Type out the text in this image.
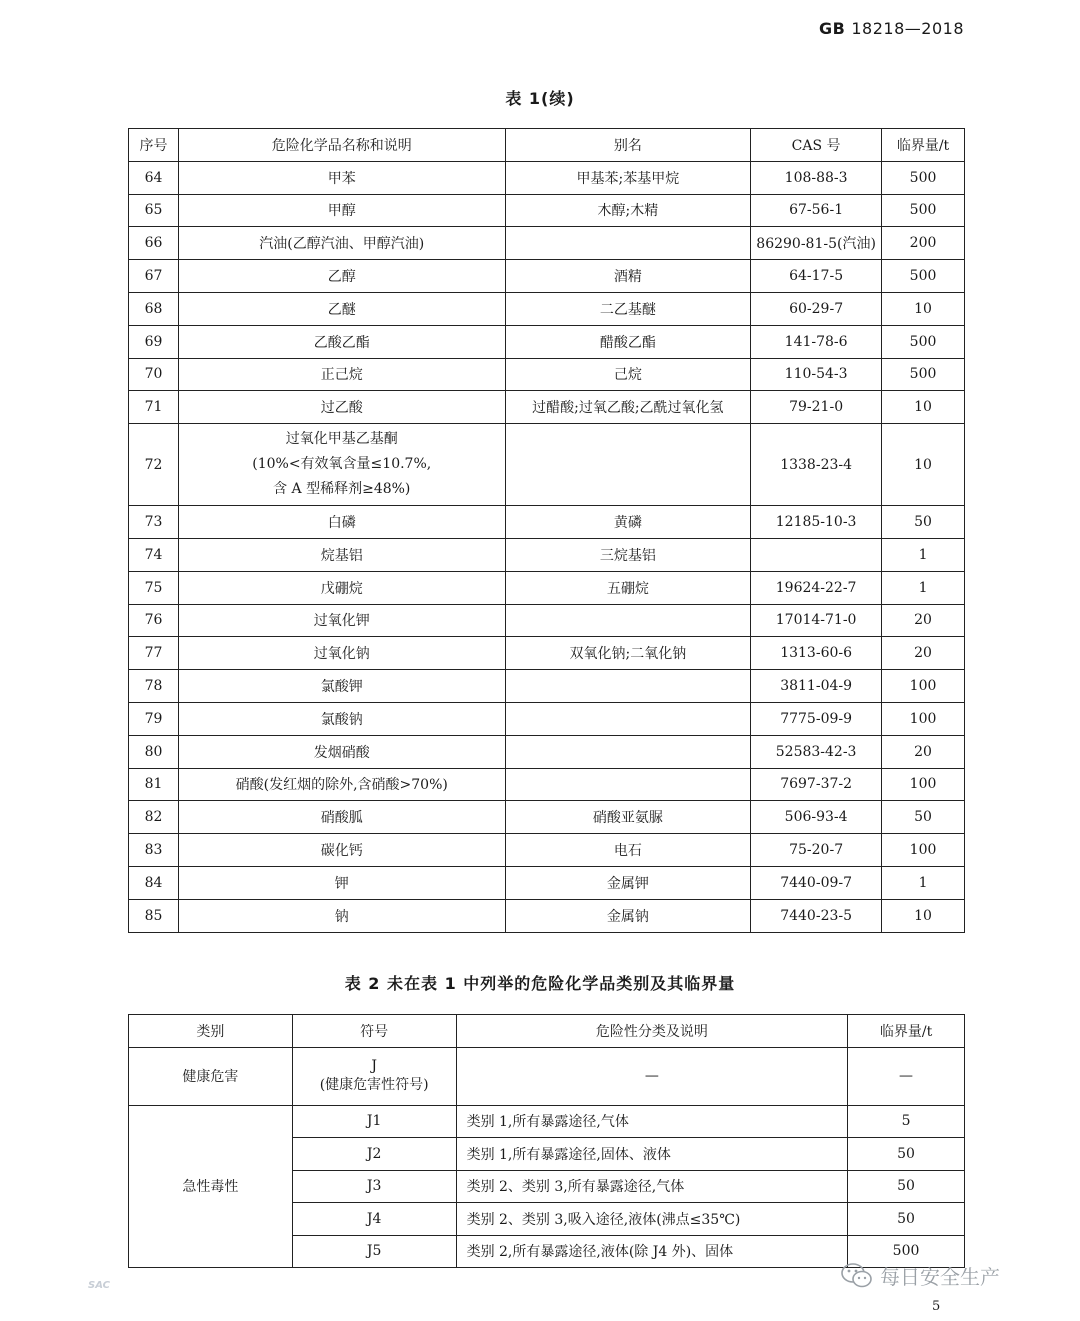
GB 18218—2018
表 1(续)
序号	危险化学品名称和说明	别名	CAS 号	临界量/t
64	甲苯	甲基苯;苯基甲烷	108-88-3	500
65	甲醇	木醇;木精	67-56-1	500
66	汽油(乙醇汽油、甲醇汽油)		86290-81-5(汽油)	200
67	乙醇	酒精	64-17-5	500
68	乙醚	二乙基醚	60-29-7	10
69	乙酸乙酯	醋酸乙酯	141-78-6	500
70	正己烷	己烷	110-54-3	500
71	过乙酸	过醋酸;过氧乙酸;乙酰过氧化氢	79-21-0	10
72	过氧化甲基乙基酮
(10%<有效氧含量≤10.7%,
含 A 型稀释剂≥48%)		1338-23-4	10
73	白磷	黄磷	12185-10-3	50
74	烷基铝	三烷基铝		1
75	戊硼烷	五硼烷	19624-22-7	1
76	过氧化钾		17014-71-0	20
77	过氧化钠	双氧化钠;二氧化钠	1313-60-6	20
78	氯酸钾		3811-04-9	100
79	氯酸钠		7775-09-9	100
80	发烟硝酸		52583-42-3	20
81	硝酸(发红烟的除外,含硝酸>70%)		7697-37-2	100
82	硝酸胍	硝酸亚氨脲	506-93-4	50
83	碳化钙	电石	75-20-7	100
84	钾	金属钾	7440-09-7	1
85	钠	金属钠	7440-23-5	10
表 2 未在表 1 中列举的危险化学品类别及其临界量
类别	符号	危险性分类及说明	临界量/t
健康危害	J
(健康危害性符号)	—	—
急性毒性	J1	类别 1,所有暴露途径,气体	5
	J2	类别 1,所有暴露途径,固体、液体	50
	J3	类别 2、类别 3,所有暴露途径,气体	50
	J4	类别 2、类别 3,吸入途径,液体(沸点≤35℃)	50
	J5	类别 2,所有暴露途径,液体(除 J4 外)、固体	500
SAC	每日安全生产
5
